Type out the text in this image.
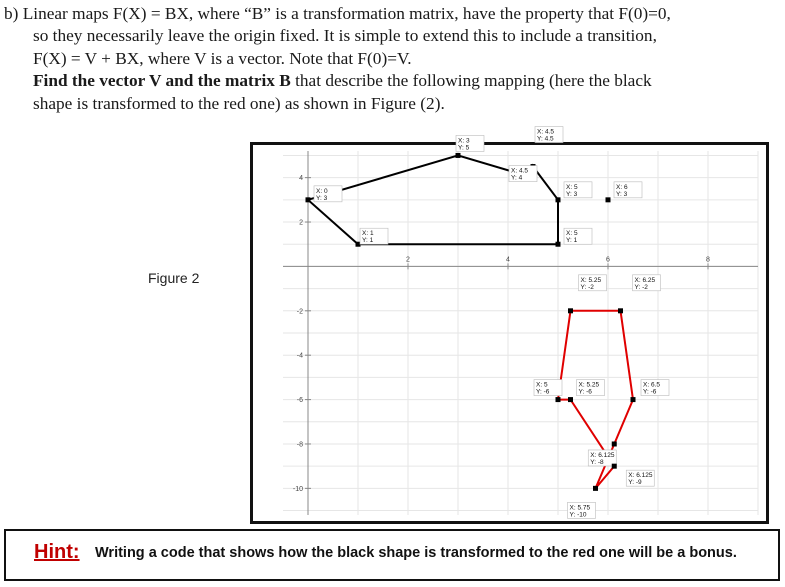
b) Linear maps F(X) = BX, where “B” is a transformation matrix, have the property that F(0)=0,
so they necessarily leave the origin fixed. It is simple to extend this to include a transition,
F(X) = V + BX, where V is a vector. Note that F(0)=V.
Find the vector V and the matrix B that describe the following mapping (here the black
shape is transformed to the red one) as shown in Figure (2).
Figure 2
2	4	6	8
4
2
-2
-4
-6
-8
-10
X: 0
Y: 3
X: 3
Y: 5
X: 4.5
Y: 4.5
X: 4.5
Y: 4
X: 5
Y: 3
X: 6
Y: 3
X: 1
Y: 1
X: 5
Y: 1
X: 5.25
Y: -2
X: 6.25
Y: -2
X: 5
Y: -6
X: 5.25
Y: -6
X: 6.5
Y: -6
X: 6.125
Y: -8
X: 6.125
Y: -9
X: 5.75
Y: -10
Hint: Writing a code that shows how the black shape is transformed to the red one will be a bonus.
